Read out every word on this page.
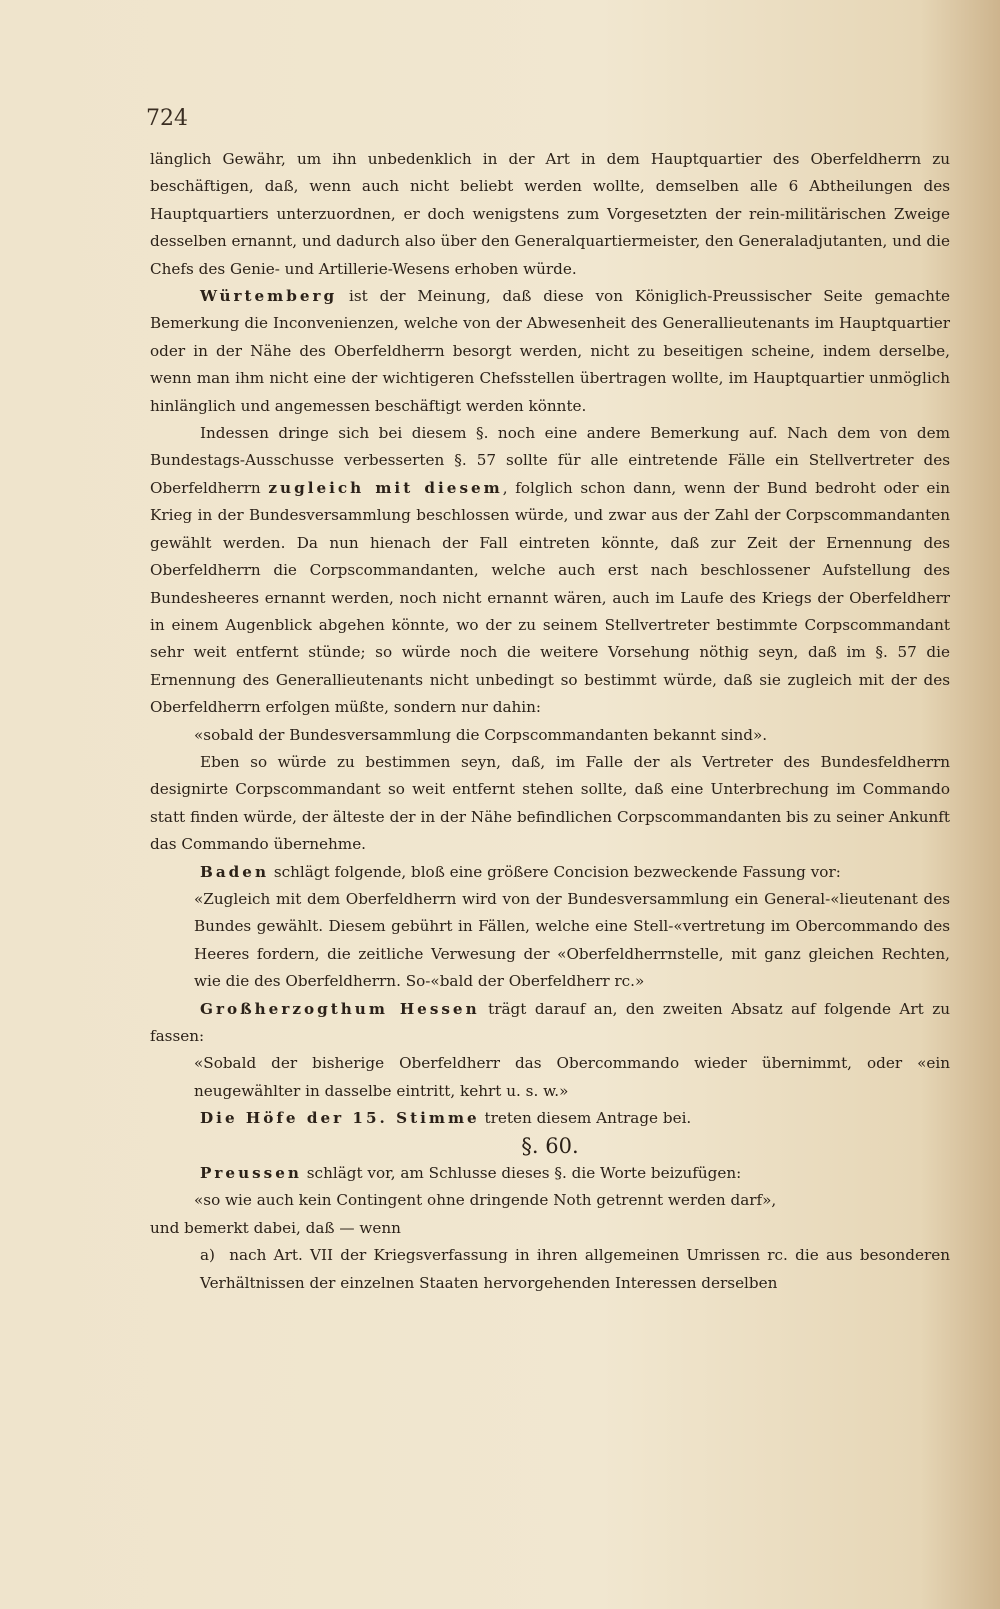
724

länglich Gewähr, um ihn unbedenklich in der Art in dem Hauptquartier des Oberfeldherrn zu beschäftigen, daß, wenn auch nicht beliebt werden wollte, demselben alle 6 Abtheilungen des Hauptquartiers unterzuordnen, er doch wenigstens zum Vorgesetzten der rein-militärischen Zweige desselben ernannt, und dadurch also über den Generalquartiermeister, den Generaladjutanten, und die Chefs des Genie- und Artillerie-Wesens erhoben würde.

Würtemberg ist der Meinung, daß diese von Königlich-Preussischer Seite gemachte Bemerkung die Inconvenienzen, welche von der Abwesenheit des Generallieutenants im Hauptquartier oder in der Nähe des Oberfeldherrn besorgt werden, nicht zu beseitigen scheine, indem derselbe, wenn man ihm nicht eine der wichtigeren Chefsstellen übertragen wollte, im Hauptquartier unmöglich hinlänglich und angemessen beschäftigt werden könnte.

Indessen dringe sich bei diesem §. noch eine andere Bemerkung auf. Nach dem von dem Bundestags-Ausschusse verbesserten §. 57 sollte für alle eintretende Fälle ein Stellvertreter des Oberfeldherrn zugleich mit diesem, folglich schon dann, wenn der Bund bedroht oder ein Krieg in der Bundesversammlung beschlossen würde, und zwar aus der Zahl der Corpscommandanten gewählt werden. Da nun hienach der Fall eintreten könnte, daß zur Zeit der Ernennung des Oberfeldherrn die Corpscommandanten, welche auch erst nach beschlossener Aufstellung des Bundesheeres ernannt werden, noch nicht ernannt wären, auch im Laufe des Kriegs der Oberfeldherr in einem Augenblick abgehen könnte, wo der zu seinem Stellvertreter bestimmte Corpscommandant sehr weit entfernt stünde; so würde noch die weitere Vorsehung nöthig seyn, daß im §. 57 die Ernennung des Generallieutenants nicht unbedingt so bestimmt würde, daß sie zugleich mit der des Oberfeldherrn erfolgen müßte, sondern nur dahin:

«sobald der Bundesversammlung die Corpscommandanten bekannt sind».

Eben so würde zu bestimmen seyn, daß, im Falle der als Vertreter des Bundesfeldherrn designirte Corpscommandant so weit entfernt stehen sollte, daß eine Unterbrechung im Commando statt finden würde, der älteste der in der Nähe befindlichen Corpscommandanten bis zu seiner Ankunft das Commando übernehme.

Baden schlägt folgende, bloß eine größere Concision bezweckende Fassung vor:

«Zugleich mit dem Oberfeldherrn wird von der Bundesversammlung ein General-«lieutenant des Bundes gewählt. Diesem gebührt in Fällen, welche eine Stell-«vertretung im Obercommando des Heeres fordern, die zeitliche Verwesung der «Oberfeldherrnstelle, mit ganz gleichen Rechten, wie die des Oberfeldherrn. So-«bald der Oberfeldherr rc.»

Großherzogthum Hessen trägt darauf an, den zweiten Absatz auf folgende Art zu fassen:

«Sobald der bisherige Oberfeldherr das Obercommando wieder übernimmt, oder «ein neugewählter in dasselbe eintritt, kehrt u. s. w.»

Die Höfe der 15. Stimme treten diesem Antrage bei.

§. 60.

Preussen schlägt vor, am Schlusse dieses §. die Worte beizufügen:

«so wie auch kein Contingent ohne dringende Noth getrennt werden darf»,

und bemerkt dabei, daß — wenn

a) nach Art. VII der Kriegsverfassung in ihren allgemeinen Umrissen rc. die aus besonderen Verhältnissen der einzelnen Staaten hervorgehenden Interessen derselben
